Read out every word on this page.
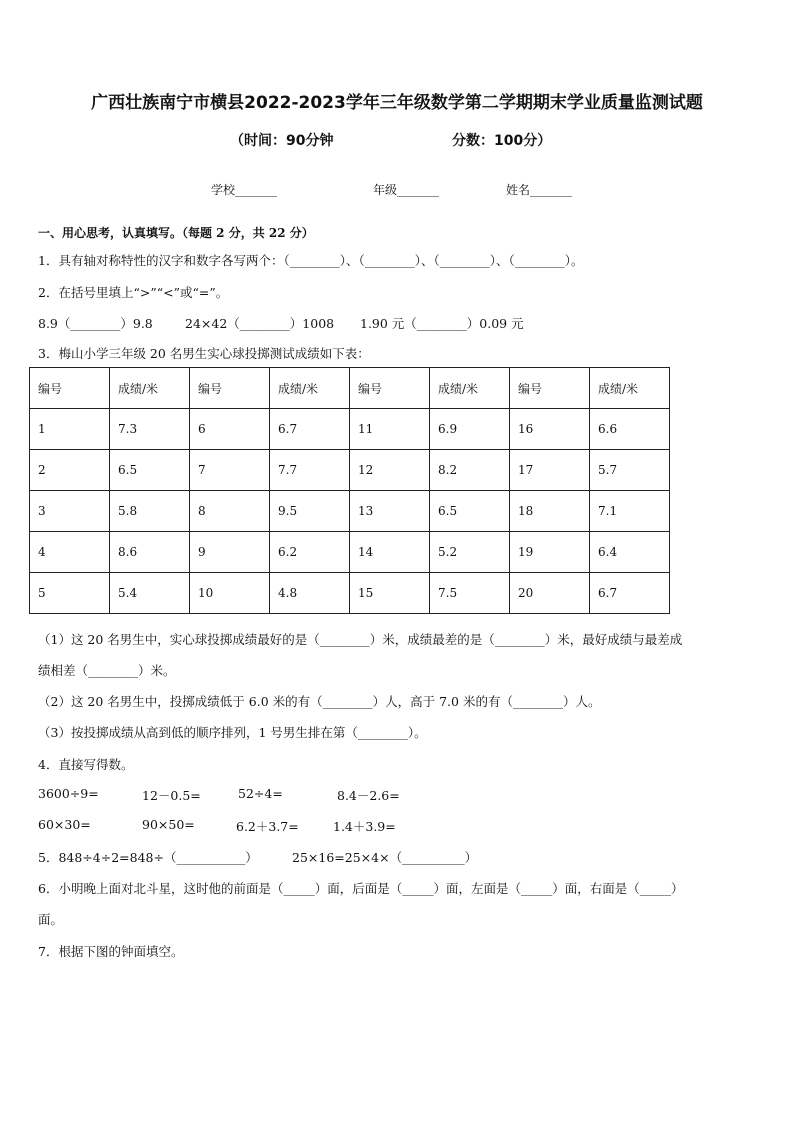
广西壮族南宁市横县2022-2023学年三年级数学第二学期期末学业质量监测试题
（时间：90分钟	分数：100分）
学校_______	年级_______	姓名_______
一、用心思考，认真填写。（每题 2 分，共 22 分）
1．具有轴对称特性的汉字和数字各写两个：（________）、（________）、（________）、（________）。
2．在括号里填上“>”“<”或“=”。
8.9（________）9.8	24×42（________）1008 1.90 元（________）0.09 元
3．梅山小学三年级 20 名男生实心球投掷测试成绩如下表：
编号	成绩/米	编号	成绩/米	编号	成绩/米	编号	成绩/米
1	7.3	6	6.7	11	6.9	16	6.6
2	6.5	7	7.7	12	8.2	17	5.7
3	5.8	8	9.5	13	6.5	18	7.1
4	8.6	9	6.2	14	5.2	19	6.4
5	5.4	10	4.8	15	7.5	20	6.7
（1）这 20 名男生中，实心球投掷成绩最好的是（________）米，成绩最差的是（________）米，最好成绩与最差成
绩相差（________）米。
（2）这 20 名男生中，投掷成绩低于 6.0 米的有（________）人，高于 7.0 米的有（________）人。
（3）按投掷成绩从高到低的顺序排列，1 号男生排在第（________）。
4．直接写得数。
3600÷9=	12－0.5=	52÷4=	8.4－2.6=
60×30=	90×50=	6.2＋3.7=	1.4＋3.9=
5．848÷4÷2=848÷（___________）	25×16=25×4×（__________）
6．小明晚上面对北斗星，这时他的前面是（_____）面，后面是（_____）面，左面是（_____）面，右面是（_____）
面。
7．根据下图的钟面填空。
